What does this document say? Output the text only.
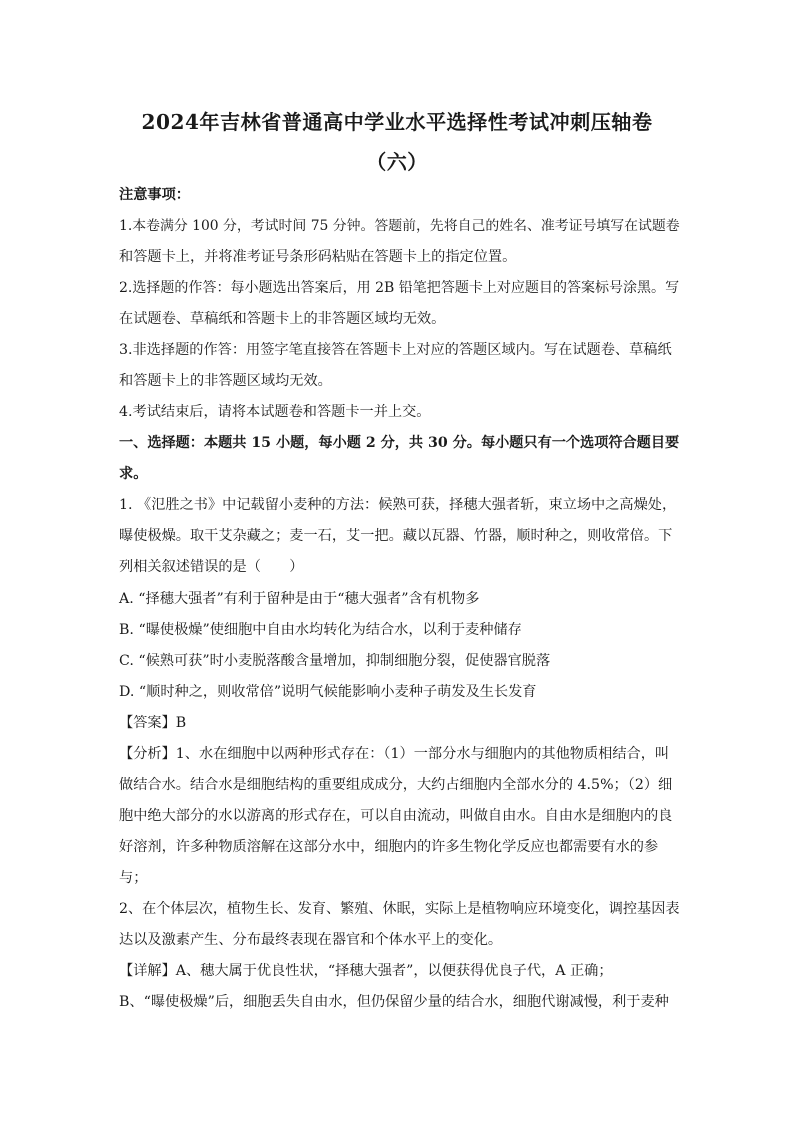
2024年吉林省普通高中学业水平选择性考试冲刺压轴卷
（六）
注意事项：
1.本卷满分 100 分，考试时间 75 分钟。答题前，先将自己的姓名、准考证号填写在试题卷
和答题卡上，并将准考证号条形码粘贴在答题卡上的指定位置。
2.选择题的作答：每小题选出答案后，用 2B 铅笔把答题卡上对应题目的答案标号涂黑。写
在试题卷、草稿纸和答题卡上的非答题区域均无效。
3.非选择题的作答：用签字笔直接答在答题卡上对应的答题区域内。写在试题卷、草稿纸
和答题卡上的非答题区域均无效。
4.考试结束后，请将本试题卷和答题卡一并上交。
一、选择题：本题共 15 小题，每小题 2 分，共 30 分。每小题只有一个选项符合题目要
求。
1. 《氾胜之书》中记载留小麦种的方法：候熟可获，择穗大强者斩，束立场中之高燥处，
曝使极燥。取干艾杂藏之；麦一石，艾一把。藏以瓦器、竹器，顺时种之，则收常倍。下
列相关叙述错误的是（　　）
A. “择穗大强者”有利于留种是由于“穗大强者”含有机物多
B. “曝使极燥”使细胞中自由水均转化为结合水，以利于麦种储存
C. “候熟可获”时小麦脱落酸含量增加，抑制细胞分裂，促使器官脱落
D. “顺时种之，则收常倍”说明气候能影响小麦种子萌发及生长发育
【答案】B
【分析】1、水在细胞中以两种形式存在：（1）一部分水与细胞内的其他物质相结合，叫
做结合水。结合水是细胞结构的重要组成成分，大约占细胞内全部水分的 4.5%；（2）细
胞中绝大部分的水以游离的形式存在，可以自由流动，叫做自由水。自由水是细胞内的良
好溶剂，许多种物质溶解在这部分水中，细胞内的许多生物化学反应也都需要有水的参
与；
2、在个体层次，植物生长、发育、繁殖、休眠，实际上是植物响应环境变化，调控基因表
达以及激素产生、分布最终表现在器官和个体水平上的变化。
【详解】A、穗大属于优良性状，“择穗大强者”，以便获得优良子代，A 正确；
B、“曝使极燥”后，细胞丢失自由水，但仍保留少量的结合水，细胞代谢减慢，利于麦种
